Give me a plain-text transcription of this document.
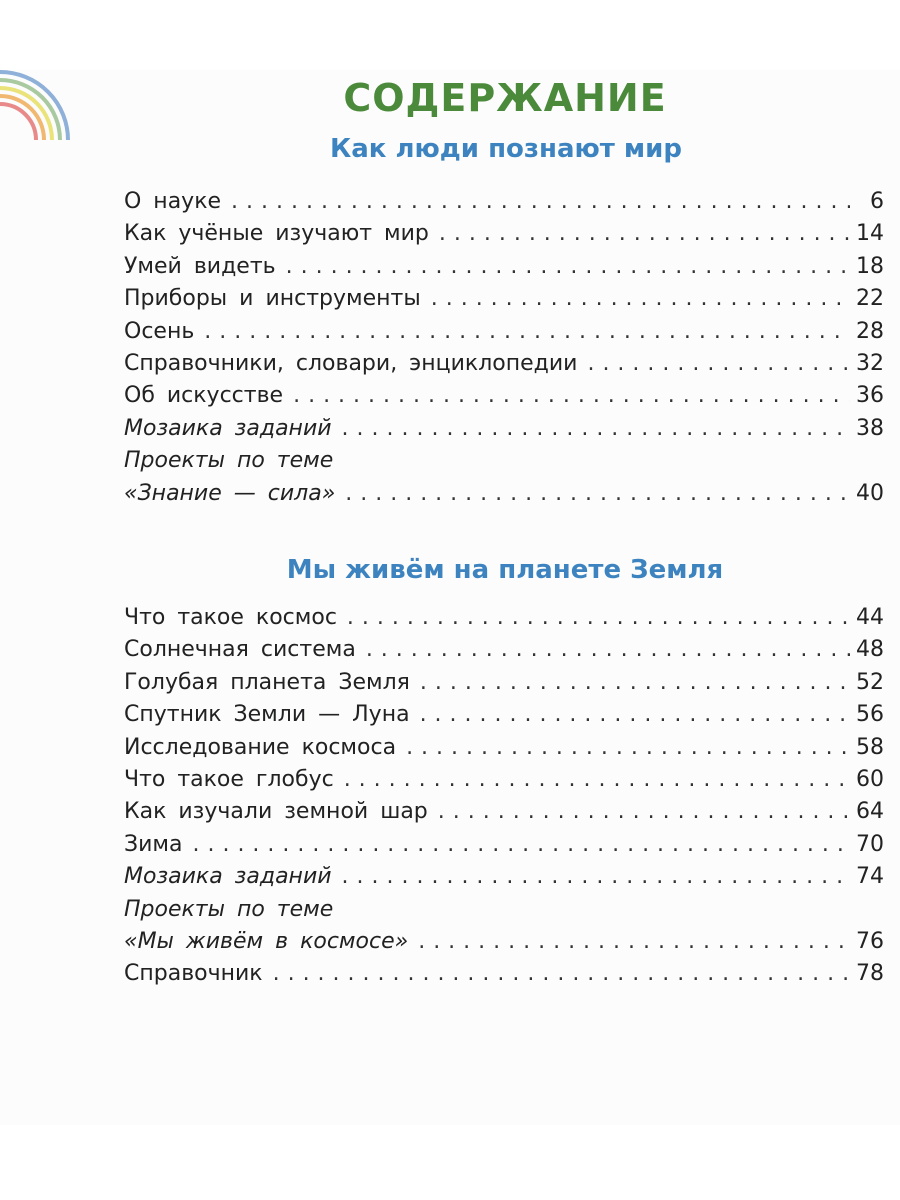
СОДЕРЖАНИЕ
Как люди познают мир
О науке . . .	6
Как учёные изучают мир . . .	14
Умей видеть . . .	18
Приборы и инструменты . . .	22
Осень . . .	28
Справочники, словари, энциклопедии . . .	32
Об искусстве . . .	36
Мозаика заданий . . .	38
Проекты по теме
«Знание — сила» . . .	40
Мы живём на планете Земля
Что такое космос . . .	44
Солнечная система . . .	48
Голубая планета Земля . . .	52
Спутник Земли — Луна . . .	56
Исследование космоса . . .	58
Что такое глобус . . .	60
Как изучали земной шар . . .	64
Зима . . .	70
Мозаика заданий . . .	74
Проекты по теме
«Мы живём в космосе» . . .	76
Справочник . . .	78
